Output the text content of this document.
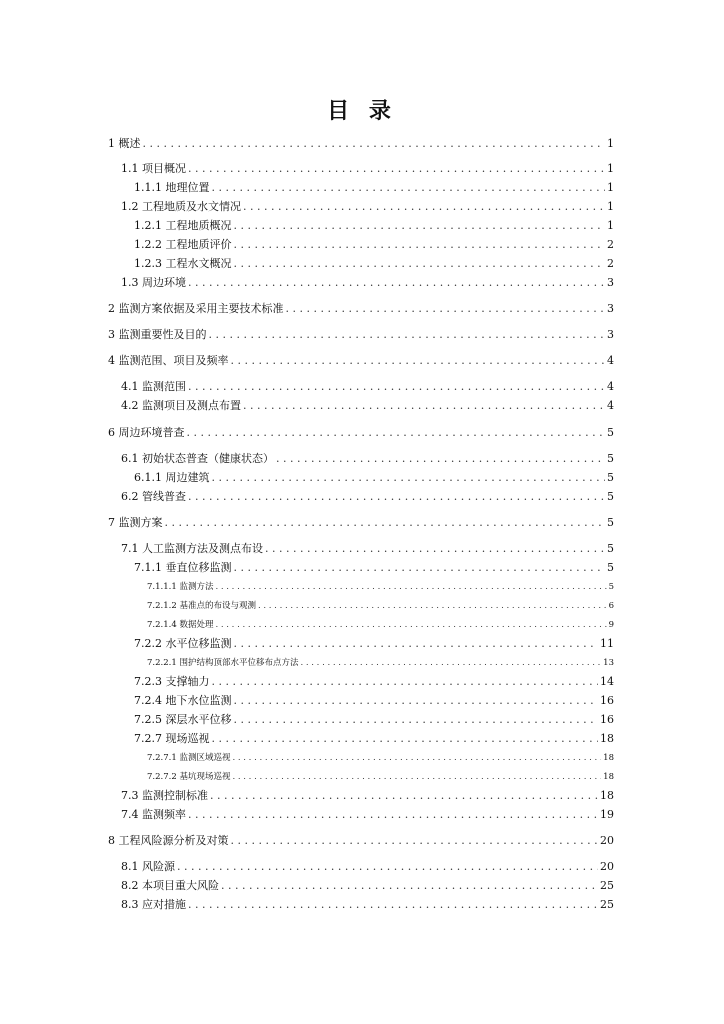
目 录
1 概述 . . .	1
1.1 项目概况 . . .	1
1.1.1 地理位置 . . .	1
1.2 工程地质及水文情况 . . .	1
1.2.1 工程地质概况 . . .	1
1.2.2 工程地质评价 . . .	2
1.2.3 工程水文概况 . . .	2
1.3 周边环境 . . .	3
2 监测方案依据及采用主要技术标准 . . .	3
3 监测重要性及目的 . . .	3
4 监测范围、项目及频率 . . .	4
4.1 监测范围 . . .	4
4.2 监测项目及测点布置 . . .	4
6 周边环境普查 . . .	5
6.1 初始状态普查（健康状态） . . .	5
6.1.1 周边建筑 . . .	5
6.2 管线普查 . . .	5
7 监测方案 . . .	5
7.1 人工监测方法及测点布设 . . .	5
7.1.1 垂直位移监测 . . .	5
7.1.1.1 监测方法 . . .	5
7.2.1.2 基准点的布设与观测 . . .	6
7.2.1.4 数据处理 . . .	9
7.2.2 水平位移监测 . . .	11
7.2.2.1 围护结构顶部水平位移布点方法 . . .	13
7.2.3 支撑轴力 . . .	14
7.2.4 地下水位监测 . . .	16
7.2.5 深层水平位移 . . .	16
7.2.7 现场巡视 . . .	18
7.2.7.1 监测区域巡视 . . .	18
7.2.7.2 基坑现场巡视 . . .	18
7.3 监测控制标准 . . .	18
7.4 监测频率 . . .	19
8 工程风险源分析及对策 . . .	20
8.1 风险源 . . .	20
8.2 本项目重大风险 . . .	25
8.3 应对措施 . . .	25
